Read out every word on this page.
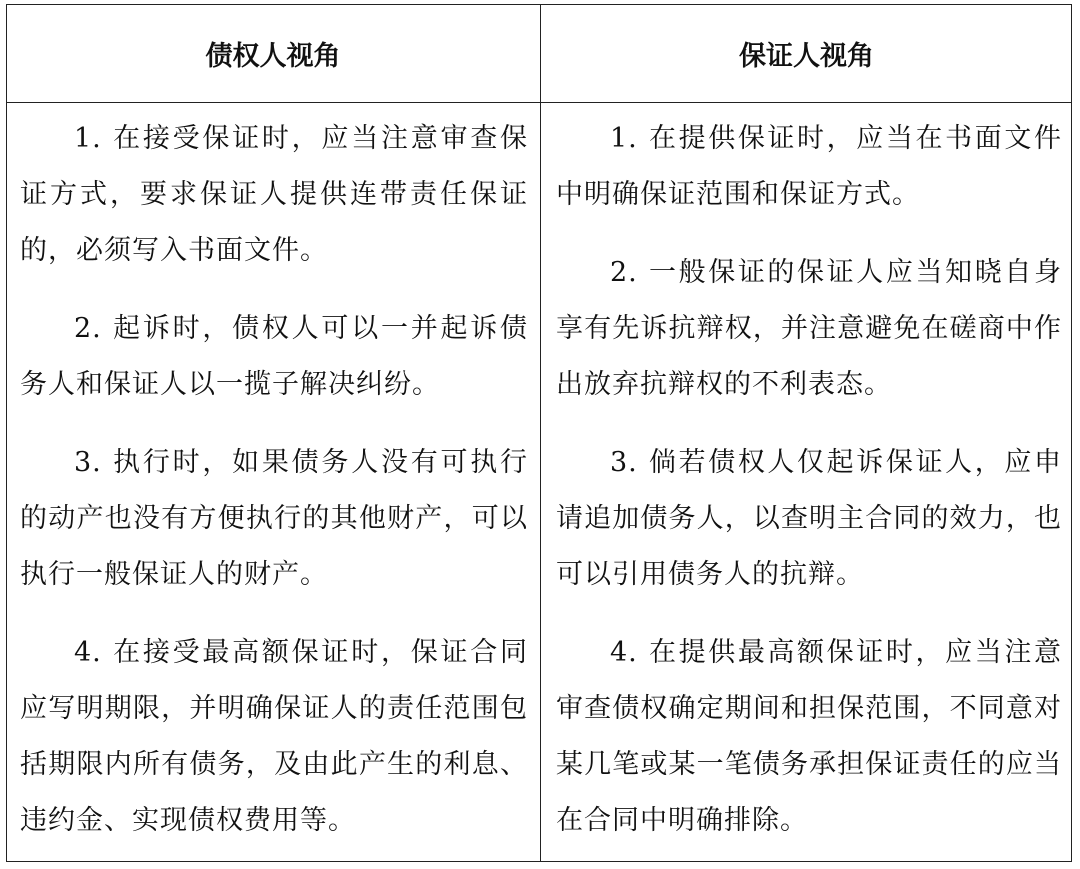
债权人视角	保证人视角

1. 在接受保证时，应当注意审查保证方式，要求保证人提供连带责任保证的，必须写入书面文件。

2. 起诉时，债权人可以一并起诉债务人和保证人以一揽子解决纠纷。

3. 执行时，如果债务人没有可执行的动产也没有方便执行的其他财产，可以执行一般保证人的财产。

4. 在接受最高额保证时，保证合同应写明期限，并明确保证人的责任范围包括期限内所有债务，及由此产生的利息、违约金、实现债权费用等。

1. 在提供保证时，应当在书面文件中明确保证范围和保证方式。

2. 一般保证的保证人应当知晓自身享有先诉抗辩权，并注意避免在磋商中作出放弃抗辩权的不利表态。

3. 倘若债权人仅起诉保证人，应申请追加债务人，以查明主合同的效力，也可以引用债务人的抗辩。

4. 在提供最高额保证时，应当注意审查债权确定期间和担保范围，不同意对某几笔或某一笔债务承担保证责任的应当在合同中明确排除。
